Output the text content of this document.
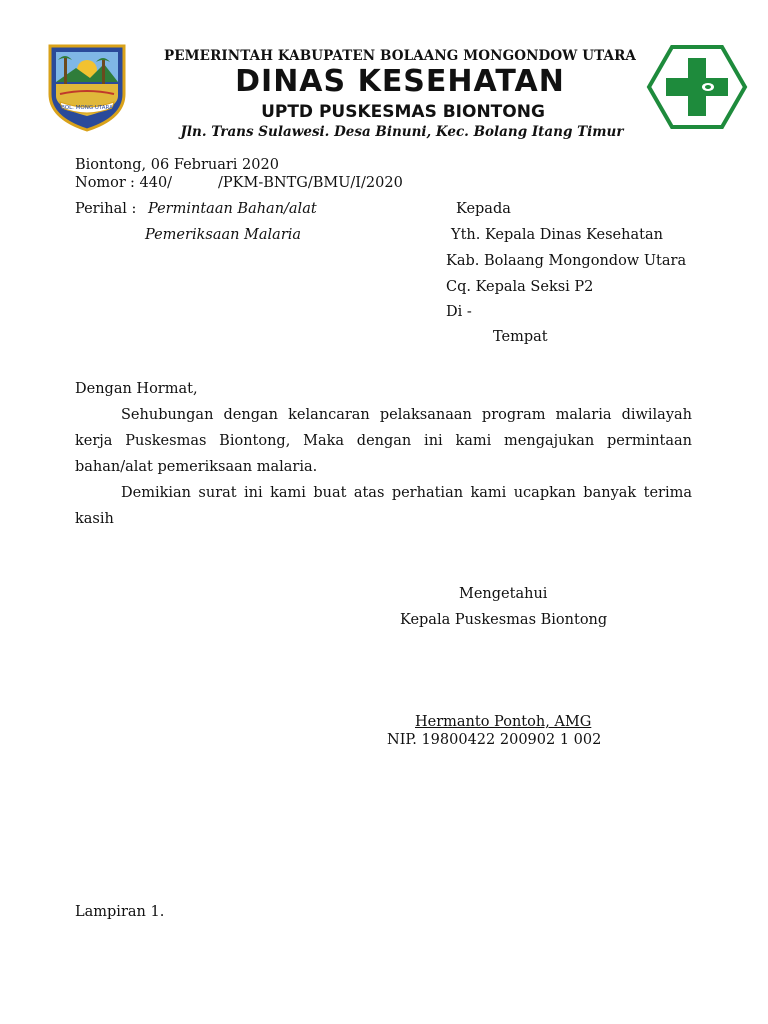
BOL. MONG UTARA
PEMERINTAH KABUPATEN BOLAANG MONGONDOW UTARA
DINAS KESEHATAN
UPTD PUSKESMAS BIONTONG
Jln. Trans Sulawesi. Desa Binuni, Kec. Bolang Itang Timur
Biontong, 06 Februari 2020
Nomor : 440/	/PKM-BNTG/BMU/I/2020
Perihal : Permintaan Bahan/alat
Pemeriksaan Malaria
Kepada
Yth. Kepala Dinas Kesehatan
Kab. Bolaang Mongondow Utara
Cq. Kepala Seksi P2
Di -
Tempat
Dengan Hormat,
Sehubungan dengan kelancaran pelaksanaan program malaria diwilayah kerja Puskesmas Biontong, Maka dengan ini kami mengajukan permintaan bahan/alat pemeriksaan malaria.
Demikian surat ini kami buat atas perhatian kami ucapkan banyak terima kasih
Mengetahui
Kepala Puskesmas Biontong
Hermanto Pontoh, AMG
NIP. 19800422 200902 1 002
Lampiran 1.
